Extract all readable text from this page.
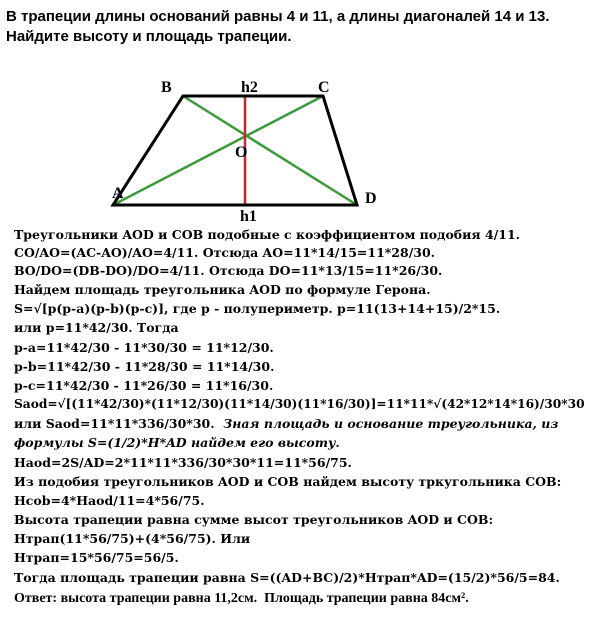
В трапеции длины оснований равны 4 и 11, а длины диагоналей 14 и 13.
Найдите высоту и площадь трапеции.
B	h2	C
O
A	D
h1
Треугольники AOD и COB подобные с коэффициентом подобия 4/11.
CO/AO=(AC-AO)/AO=4/11. Отсюда AO=11*14/15=11*28/30.
BO/DO=(DB-DO)/DO=4/11. Отсюда DO=11*13/15=11*26/30.
Найдем площадь треугольника AOD по формуле Герона.
S=√[p(p-a)(p-b)(p-c)], где p - полупериметр. p=11(13+14+15)/2*15.
или p=11*42/30. Тогда
p-a=11*42/30 - 11*30/30 = 11*12/30.
p-b=11*42/30 - 11*28/30 = 11*14/30.
p-c=11*42/30 - 11*26/30 = 11*16/30.
Saod=√[(11*42/30)*(11*12/30)(11*14/30)(11*16/30)]=11*11*√(42*12*14*16)/30*30
или Saod=11*11*336/30*30.  Зная площадь и основание треугольника, из
формулы S=(1/2)*H*AD найдем его высоту.
Haod=2S/AD=2*11*11*336/30*30*11=11*56/75.
Из подобия треугольников AOD и COB найдем высоту тркугольника COB:
Hcob=4*Haod/11=4*56/75.
Высота трапеции равна сумме высот треугольников AOD и COB:
Нтрап(11*56/75)+(4*56/75). Или
Нтрап=15*56/75=56/5.
Тогда площадь трапеции равна S=((AD+BC)/2)*Нтрап*AD=(15/2)*56/5=84.
Ответ: высота трапеции равна 11,2см.  Площадь трапеции равна 84см².
